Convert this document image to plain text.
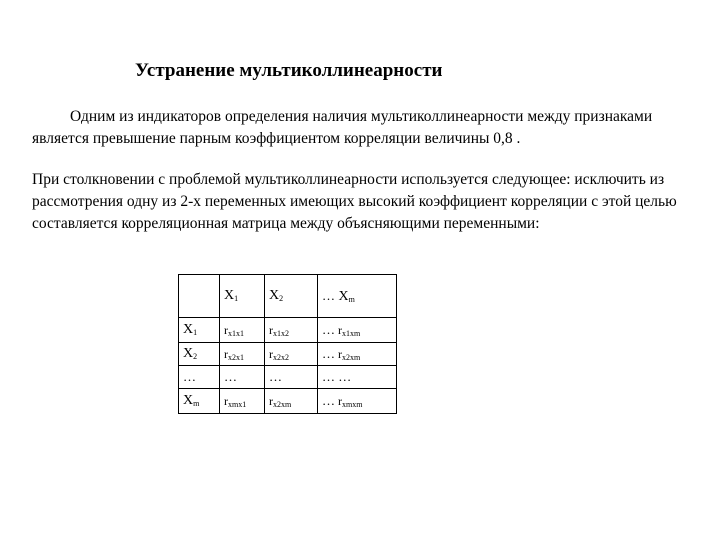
Устранение мультиколлинеарности

Одним из индикаторов определения наличия мультиколлинеарности между признаками является превышение парным коэффициентом корреляции величины 0,8 .

При столкновении с проблемой мультиколлинеарности используется следующее: исключить из рассмотрения одну из 2-х переменных имеющих высокий коэффициент корреляции с этой целью составляется корреляционная матрица между объясняющими переменными:

	$X_1$	$X_2$	… $X_m$
$X_1$	$r_{x1x1}$	$r_{x1x2}$	… $r_{x1xm}$
$X_2$	$r_{x2x1}$	$r_{x2x2}$	… $r_{x2xm}$
…	…	…	… …
$X_m$	$r_{xmx1}$	$r_{x2xm}$	… $r_{xmxm}$
